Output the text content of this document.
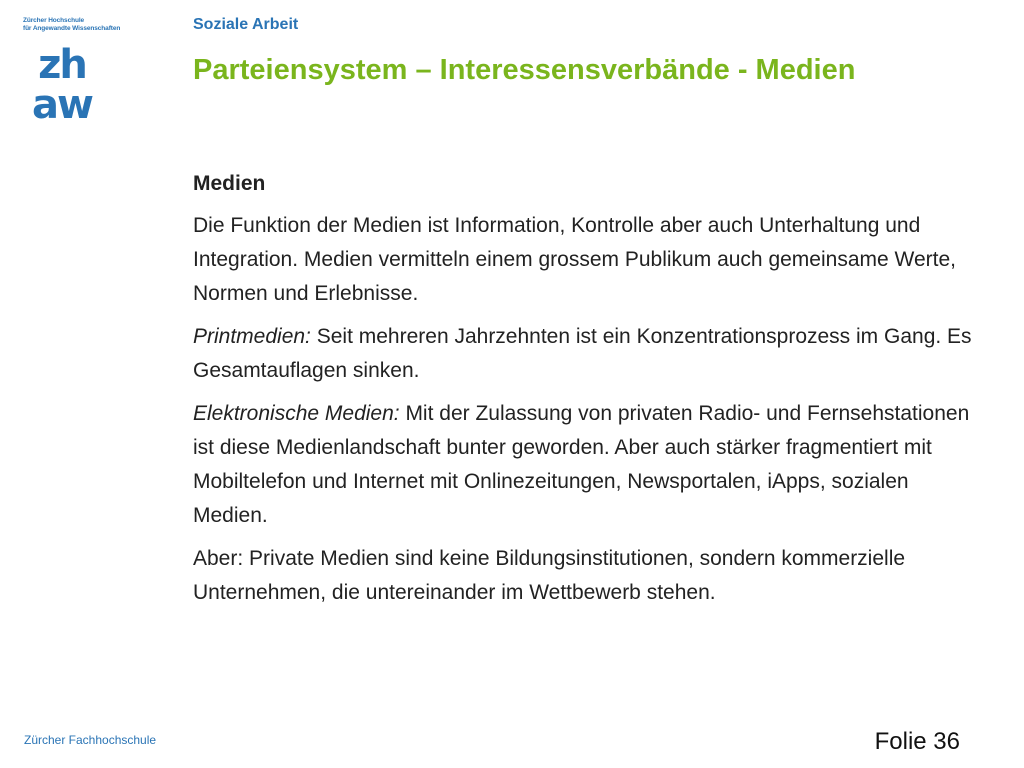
Zürcher Hochschule
für Angewandte Wissenschaften
zh
aw
Soziale Arbeit
Parteiensystem – Interessensverbände - Medien
Medien

Die Funktion der Medien ist Information, Kontrolle aber auch Unterhaltung und Integration. Medien vermitteln einem grossem Publikum auch gemeinsame Werte, Normen und Erlebnisse.

Printmedien: Seit mehreren Jahrzehnten ist ein Konzentrationsprozess im Gang. Es Gesamtauflagen sinken.

Elektronische Medien: Mit der Zulassung von privaten Radio- und Fernsehstationen ist diese Medienlandschaft bunter geworden. Aber auch stärker fragmentiert mit Mobiltelefon und Internet mit Onlinezeitungen, Newsportalen, iApps, sozialen Medien.

Aber: Private Medien sind keine Bildungsinstitutionen, sondern kommerzielle Unternehmen, die untereinander im Wettbewerb stehen.

Zürcher Fachhochschule	Folie 36
